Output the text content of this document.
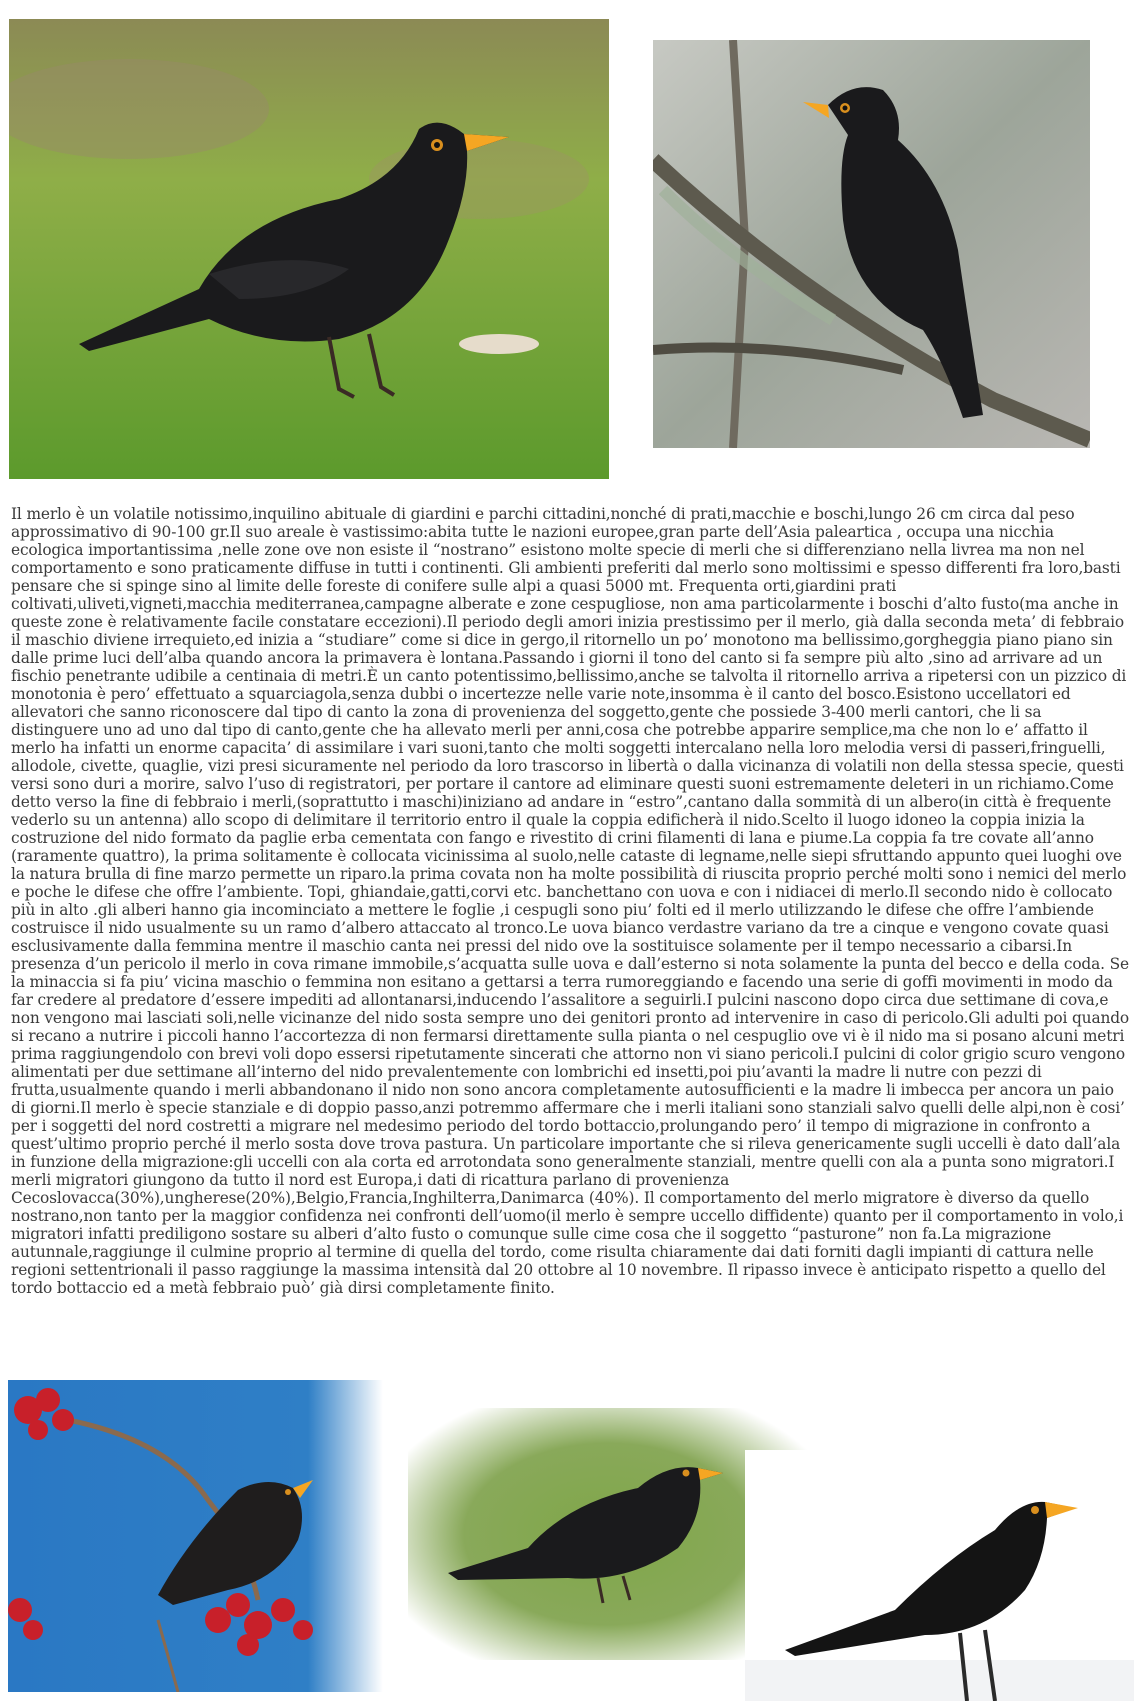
Il merlo è un volatile notissimo,inquilino abituale di giardini e parchi cittadini,nonché di prati,macchie e boschi,lungo 26 cm circa dal peso approssimativo di 90-100 gr.Il suo areale è vastissimo:abita tutte le nazioni europee,gran parte dell’Asia paleartica , occupa una nicchia ecologica importantissima ,nelle zone ove non esiste il “nostrano” esistono molte specie di merli che si differenziano nella livrea ma non nel comportamento e sono praticamente diffuse in tutti i continenti. Gli ambienti preferiti dal merlo sono moltissimi e spesso differenti fra loro,basti pensare che si spinge sino al limite delle foreste di conifere sulle alpi a quasi 5000 mt. Frequenta orti,giardini prati coltivati,uliveti,vigneti,macchia mediterranea,campagne alberate e zone cespugliose, non ama particolarmente i boschi d’alto fusto(ma anche in queste zone è relativamente facile constatare eccezioni).Il periodo degli amori inizia prestissimo per il merlo, già dalla seconda meta’ di febbraio il maschio diviene irrequieto,ed inizia a “studiare” come si dice in gergo,il ritornello un po’ monotono ma bellissimo,gorgheggia piano piano sin dalle prime luci dell’alba quando ancora la primavera è lontana.Passando i giorni il tono del canto si fa sempre più alto ,sino ad arrivare ad un fischio penetrante udibile a centinaia di metri.È un canto potentissimo,bellissimo,anche se talvolta il ritornello arriva a ripetersi con un pizzico di monotonia è pero’ effettuato a squarciagola,senza dubbi o incertezze nelle varie note,insomma è il canto del bosco.Esistono uccellatori ed allevatori che sanno riconoscere dal tipo di canto la zona di provenienza del soggetto,gente che possiede 3-400 merli cantori, che li sa distinguere uno ad uno dal tipo di canto,gente che ha allevato merli per anni,cosa che potrebbe apparire semplice,ma che non lo e’ affatto il merlo ha infatti un enorme capacita’ di assimilare i vari suoni,tanto che molti soggetti intercalano nella loro melodia versi di passeri,fringuelli, allodole, civette, quaglie, vizi presi sicuramente nel periodo da loro trascorso in libertà o dalla vicinanza di volatili non della stessa specie, questi versi sono duri a morire, salvo l’uso di registratori, per portare il cantore ad eliminare questi suoni estremamente deleteri in un richiamo.Come detto verso la fine di febbraio i merli,(soprattutto i maschi)iniziano ad andare in “estro”,cantano dalla sommità di un albero(in città è frequente vederlo su un antenna) allo scopo di delimitare il territorio entro il quale la coppia edificherà il nido.Scelto il luogo idoneo la coppia inizia la costruzione del nido formato da paglie erba cementata con fango e rivestito di crini filamenti di lana e piume.La coppia fa tre covate all’anno (raramente quattro), la prima solitamente è collocata vicinissima al suolo,nelle cataste di legname,nelle siepi sfruttando appunto quei luoghi ove la natura brulla di fine marzo permette un riparo.la prima covata non ha molte possibilità di riuscita proprio perché molti sono i nemici del merlo e poche le difese che offre l’ambiente. Topi, ghiandaie,gatti,corvi etc. banchettano con uova e con i nidiacei di merlo.Il secondo nido è collocato più in alto .gli alberi hanno gia incominciato a mettere le foglie ,i cespugli sono piu’ folti ed il merlo utilizzando le difese che offre l’ambiende costruisce il nido usualmente su un ramo d’albero attaccato al tronco.Le uova bianco verdastre variano da tre a cinque e vengono covate quasi esclusivamente dalla femmina mentre il maschio canta nei pressi del nido ove la sostituisce solamente per il tempo necessario a cibarsi.In presenza d’un pericolo il merlo in cova rimane immobile,s’acquatta sulle uova e dall’esterno si nota solamente la punta del becco e della coda. Se la minaccia si fa piu’ vicina maschio o femmina non esitano a gettarsi a terra rumoreggiando e facendo una serie di goffi movimenti in modo da far credere al predatore d’essere impediti ad allontanarsi,inducendo l’assalitore a seguirli.I pulcini nascono dopo circa due settimane di cova,e non vengono mai lasciati soli,nelle vicinanze del nido sosta sempre uno dei genitori pronto ad intervenire in caso di pericolo.Gli adulti poi quando si recano a nutrire i piccoli hanno l’accortezza di non fermarsi direttamente sulla pianta o nel cespuglio ove vi è il nido ma si posano alcuni metri prima raggiungendolo con brevi voli dopo essersi ripetutamente sincerati che attorno non vi siano pericoli.I pulcini di color grigio scuro vengono alimentati per due settimane all’interno del nido prevalentemente con lombrichi ed insetti,poi piu’avanti la madre li nutre con pezzi di frutta,usualmente quando i merli abbandonano il nido non sono ancora completamente autosufficienti e la madre li imbecca per ancora un paio di giorni.Il merlo è specie stanziale e di doppio passo,anzi potremmo affermare che i merli italiani sono stanziali salvo quelli delle alpi,non è cosi’ per i soggetti del nord costretti a migrare nel medesimo periodo del tordo bottaccio,prolungando pero’ il tempo di migrazione in confronto a quest’ultimo proprio perché il merlo sosta dove trova pastura. Un particolare importante che si rileva genericamente sugli uccelli è dato dall’ala in funzione della migrazione:gli uccelli con ala corta ed arrotondata sono generalmente stanziali, mentre quelli con ala a punta sono migratori.I merli migratori giungono da tutto il nord est Europa,i dati di ricattura parlano di provenienza Cecoslovacca(30%),ungherese(20%),Belgio,Francia,Inghilterra,Danimarca (40%). Il comportamento del merlo migratore è diverso da quello nostrano,non tanto per la maggior confidenza nei confronti dell’uomo(il merlo è sempre uccello diffidente) quanto per il comportamento in volo,i migratori infatti prediligono sostare su alberi d’alto fusto o comunque sulle cime cosa che il soggetto “pasturone” non fa.La migrazione autunnale,raggiunge il culmine proprio al termine di quella del tordo, come risulta chiaramente dai dati forniti dagli impianti di cattura nelle regioni settentrionali il passo raggiunge la massima intensità dal 20 ottobre al 10 novembre. Il ripasso invece è anticipato rispetto a quello del tordo bottaccio ed a metà febbraio può’ già dirsi completamente finito.
